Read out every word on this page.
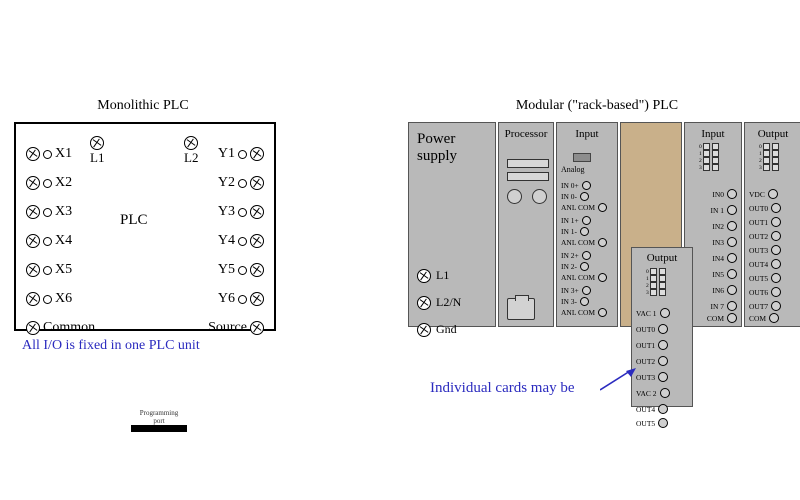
Monolithic PLC	Modular ("rack-based") PLC
PLC
L1	L2
X1
X2
X3
X4
X5
X6
Y1
Y2
Y3
Y4
Y5
Y6
Common	Source
Programming
port
All I/O is fixed in one PLC unit
Power
supply
L1
L2/N
Gnd
Processor	Input
Analog
IN 0+
IN 0-
ANL COM
IN 1+
IN 1-
ANL COM
IN 2+
IN 2-
ANL COM
IN 3+
IN 3-
ANL COM
Input
0
1
2
3
IN0
IN 1
IN2
IN3
IN4
IN5
IN6
IN 7
COM
Output
0
1
2
3
VDC
OUT0
OUT1
OUT2
OUT3
OUT4
OUT5
OUT6
OUT7
COM
Output
0
1
2
3
VAC 1
OUT0
OUT1
OUT2
OUT3
VAC 2
OUT4
OUT5
Individual cards may be
